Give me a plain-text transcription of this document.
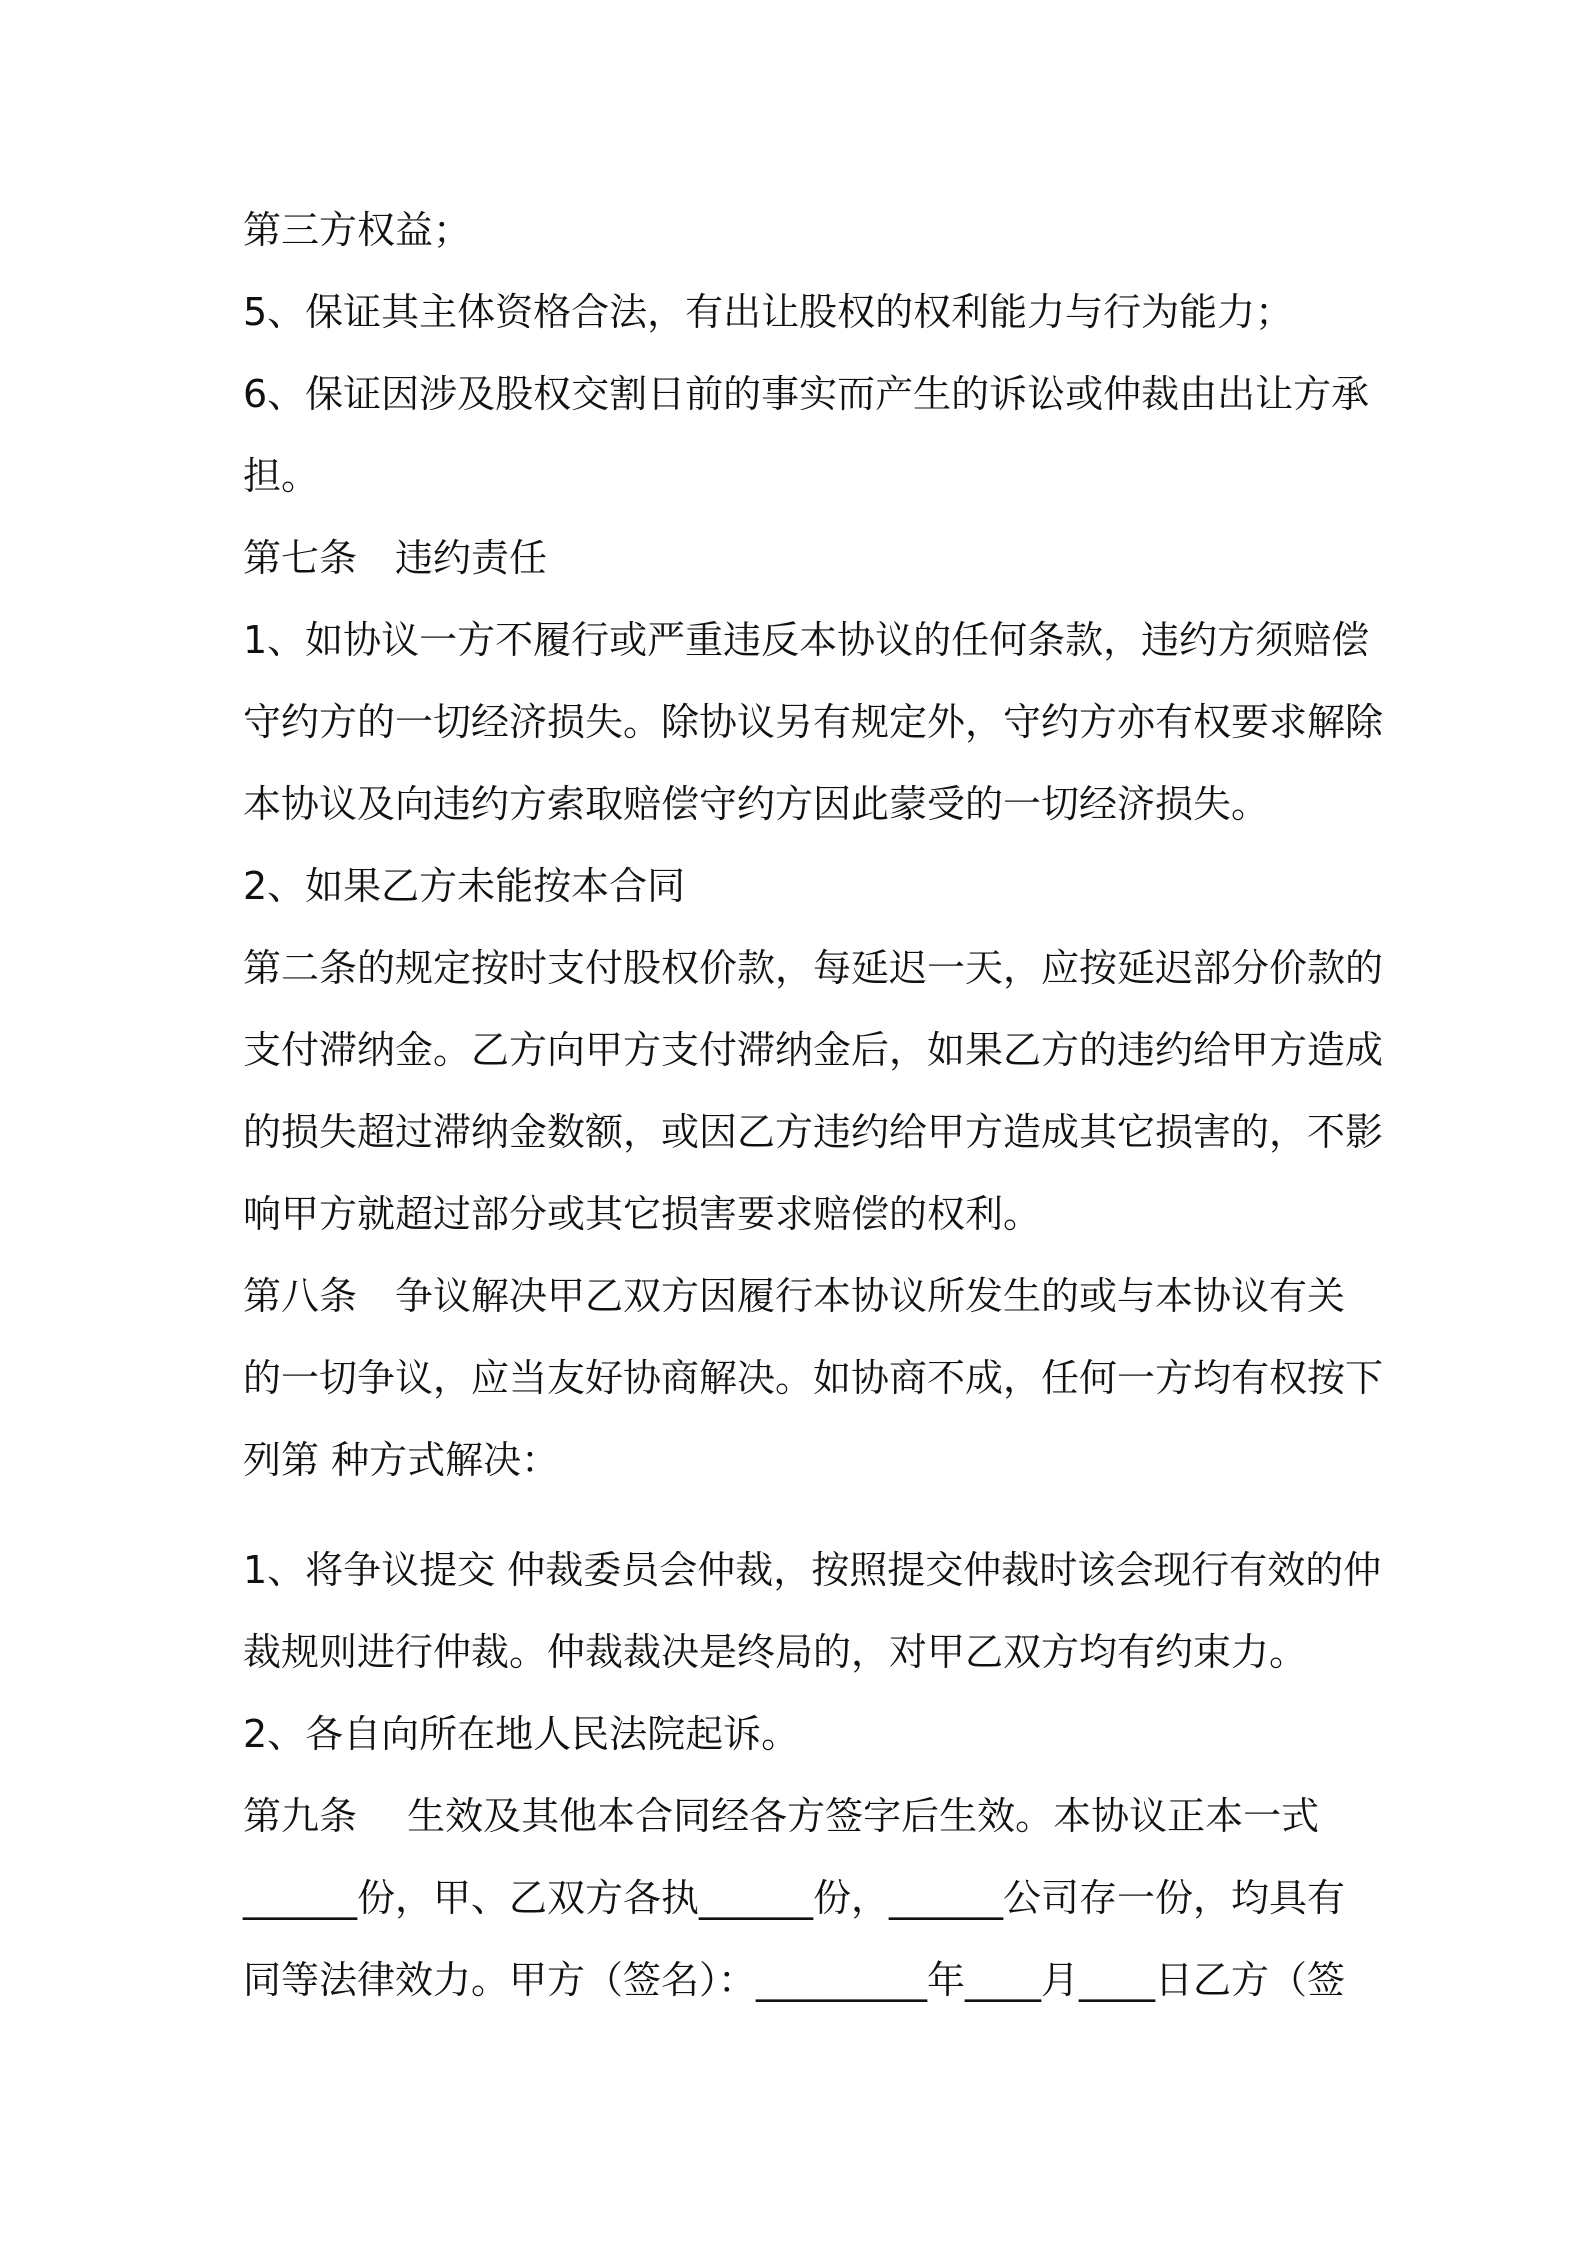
第三方权益；
5、保证其主体资格合法，有出让股权的权利能力与行为能力；
6、保证因涉及股权交割日前的事实而产生的诉讼或仲裁由出让方承
担。
第七条　违约责任
1、如协议一方不履行或严重违反本协议的任何条款，违约方须赔偿
守约方的一切经济损失。除协议另有规定外，守约方亦有权要求解除
本协议及向违约方索取赔偿守约方因此蒙受的一切经济损失。
2、如果乙方未能按本合同
第二条的规定按时支付股权价款，每延迟一天，应按延迟部分价款的
支付滞纳金。乙方向甲方支付滞纳金后，如果乙方的违约给甲方造成
的损失超过滞纳金数额，或因乙方违约给甲方造成其它损害的，不影
响甲方就超过部分或其它损害要求赔偿的权利。
第八条　争议解决甲乙双方因履行本协议所发生的或与本协议有关
的一切争议，应当友好协商解决。如协商不成，任何一方均有权按下
列第 种方式解决：
1、将争议提交 仲裁委员会仲裁，按照提交仲裁时该会现行有效的仲
裁规则进行仲裁。仲裁裁决是终局的，对甲乙双方均有约束力。
2、各自向所在地人民法院起诉。
第九条　 生效及其他本合同经各方签字后生效。本协议正本一式
______份，甲、乙双方各执______份，______公司存一份，均具有
同等法律效力。甲方（签名）：_________年____月____日乙方（签
